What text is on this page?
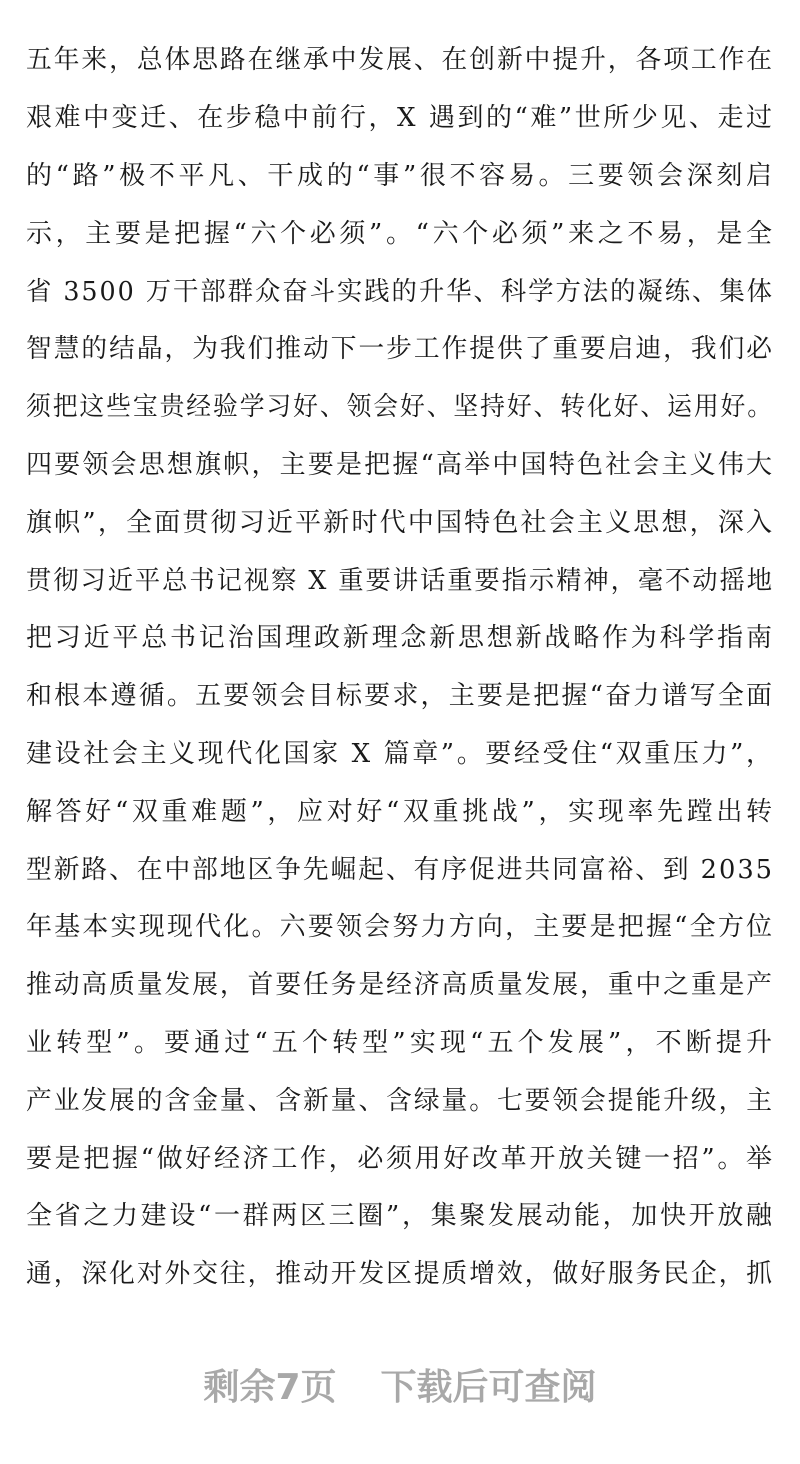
五年来，总体思路在继承中发展、在创新中提升，各项工作在
艰难中变迁、在步稳中前行，X 遇到的“难”世所少见、走过
的“路”极不平凡、干成的“事”很不容易。三要领会深刻启
示，主要是把握“六个必须”。“六个必须”来之不易，是全
省 3500 万干部群众奋斗实践的升华、科学方法的凝练、集体
智慧的结晶，为我们推动下一步工作提供了重要启迪，我们必
须把这些宝贵经验学习好、领会好、坚持好、转化好、运用好。
四要领会思想旗帜，主要是把握“高举中国特色社会主义伟大
旗帜”，全面贯彻习近平新时代中国特色社会主义思想，深入
贯彻习近平总书记视察 X 重要讲话重要指示精神，毫不动摇地
把习近平总书记治国理政新理念新思想新战略作为科学指南
和根本遵循。五要领会目标要求，主要是把握“奋力谱写全面
建设社会主义现代化国家 X 篇章”。要经受住“双重压力”，
解答好“双重难题”，应对好“双重挑战”，实现率先蹚出转
型新路、在中部地区争先崛起、有序促进共同富裕、到 2035
年基本实现现代化。六要领会努力方向，主要是把握“全方位
推动高质量发展，首要任务是经济高质量发展，重中之重是产
业转型”。要通过“五个转型”实现“五个发展”，不断提升
产业发展的含金量、含新量、含绿量。七要领会提能升级，主
要是把握“做好经济工作，必须用好改革开放关键一招”。举
全省之力建设“一群两区三圈”，集聚发展动能，加快开放融
通，深化对外交往，推动开发区提质增效，做好服务民企，抓
剩余7页 下载后可查阅
